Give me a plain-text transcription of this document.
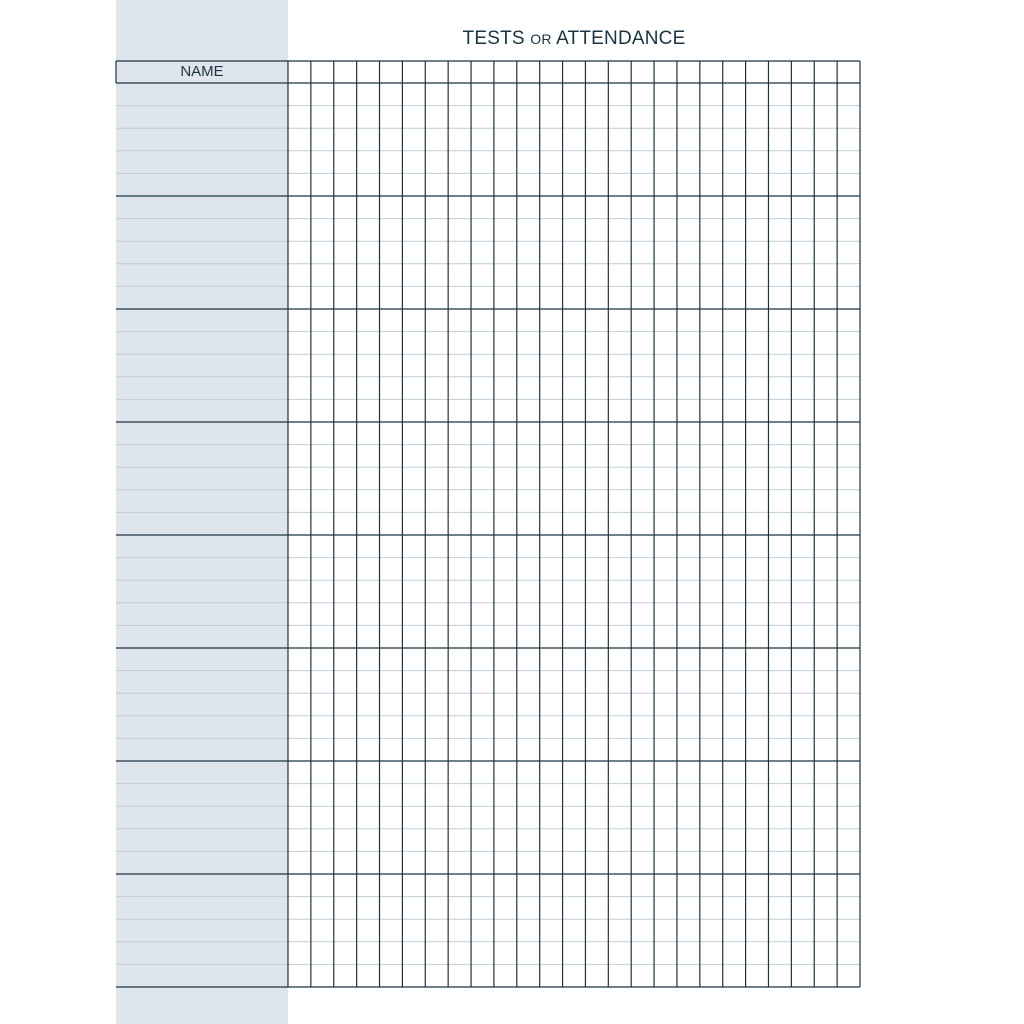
TESTS OR ATTENDANCE
NAME
